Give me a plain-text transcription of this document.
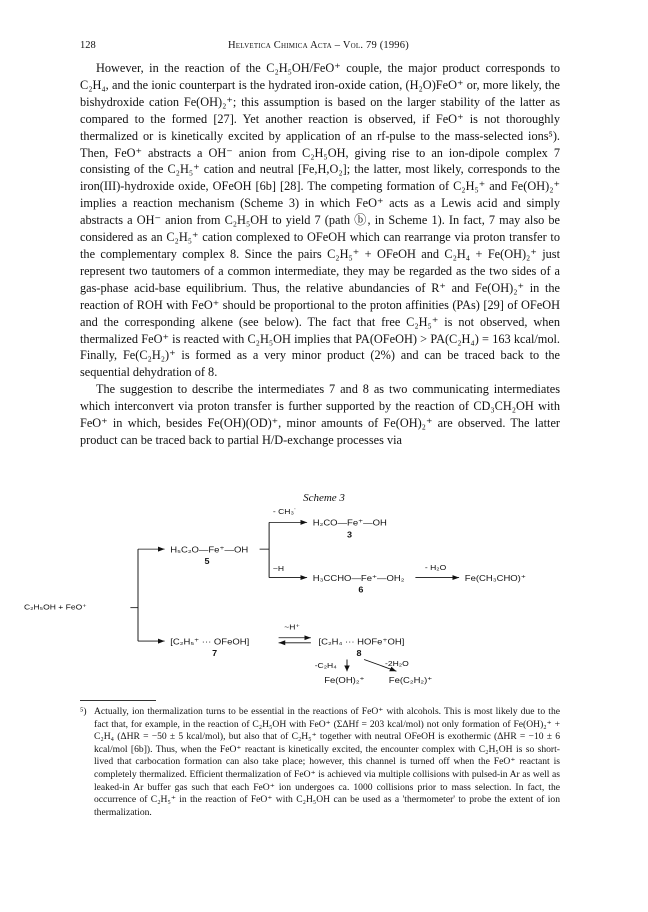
128	Helvetica Chimica Acta – Vol. 79 (1996)

However, in the reaction of the C₂H₅OH/FeO⁺ couple, the major product corresponds to C₂H₄, and the ionic counterpart is the hydrated iron-oxide cation, (H₂O)FeO⁺ or, more likely, the bishydroxide cation Fe(OH)₂⁺; this assumption is based on the larger stability of the latter as compared to the formed [27]. Yet another reaction is observed, if FeO⁺ is not thoroughly thermalized or is kinetically excited by application of an rf-pulse to the mass-selected ions⁵). Then, FeO⁺ abstracts a OH⁻ anion from C₂H₅OH, giving rise to an ion-dipole complex 7 consisting of the C₂H₅⁺ cation and neutral [Fe,H,O₂]; the latter, most likely, corresponds to the iron(III)-hydroxide oxide, OFeOH [6b] [28]. The competing formation of C₂H₅⁺ and Fe(OH)₂⁺ implies a reaction mechanism (Scheme 3) in which FeO⁺ acts as a Lewis acid and simply abstracts a OH⁻ anion from C₂H₅OH to yield 7 (path ⓑ, in Scheme 1). In fact, 7 may also be considered as an C₂H₅⁺ cation complexed to OFeOH which can rearrange via proton transfer to the complementary complex 8. Since the pairs C₂H₅⁺ + OFeOH and C₂H₄ + Fe(OH)₂⁺ just represent two tautomers of a common intermediate, they may be regarded as the two sides of a gas-phase acid-base equilibrium. Thus, the relative abundancies of R⁺ and Fe(OH)₂⁺ in the reaction of ROH with FeO⁺ should be proportional to the proton affinities (PAs) [29] of OFeOH and the corresponding alkene (see below). The fact that free C₂H₅⁺ is not observed, when thermalized FeO⁺ is reacted with C₂H₅OH implies that PA(OFeOH) > PA(C₂H₄) = 163 kcal/mol. Finally, Fe(C₂H₂)⁺ is formed as a very minor product (2%) and can be traced back to the sequential dehydration of 8.

The suggestion to describe the intermediates 7 and 8 as two communicating intermediates which interconvert via proton transfer is further supported by the reaction of CD₃CH₂OH with FeO⁺ in which, besides Fe(OH)(OD)⁺, minor amounts of Fe(OH)₂⁺ are observed. The latter product can be traced back to partial H/D-exchange processes via

Scheme 3
C₂H₅OH + FeO⁺
H₅C₂O—Fe⁺—OH
5
- CH₃˙
~H
H₂CO—Fe⁺—OH
3
H₃CCHO—Fe⁺—OH₂
6
- H₂O
Fe(CH₃CHO)⁺
[C₂H₅⁺ ··· OFeOH]
7
~H⁺
[C₂H₄ ··· HOFe⁺OH]
8
-C₂H₄	-2H₂O
Fe(OH)₂⁺ Fe(C₂H₂)⁺
⁵) Actually, ion thermalization turns to be essential in the reactions of FeO⁺ with alcohols. This is most likely due to the fact that, for example, in the reaction of C₂H₅OH with FeO⁺ (ΣΔHf = 203 kcal/mol) not only formation of Fe(OH)₂⁺ + C₂H₄ (ΔHR = −50 ± 5 kcal/mol), but also that of C₂H₅⁺ together with neutral OFeOH is exothermic (ΔHR = −10 ± 6 kcal/mol [6b]). Thus, when the FeO⁺ reactant is kinetically excited, the encounter complex with C₂H₅OH is so short-lived that carbocation formation can also take place; however, this channel is turned off when the FeO⁺ reactant is completely thermalized. Efficient thermalization of FeO⁺ is achieved via multiple collisions with pulsed-in Ar as well as leaked-in Ar buffer gas such that each FeO⁺ ion undergoes ca. 1000 collisions prior to mass selection. In fact, the occurrence of C₂H₅⁺ in the reaction of FeO⁺ with C₂H₅OH can be used as a 'thermometer' to probe the extent of ion thermalization.
